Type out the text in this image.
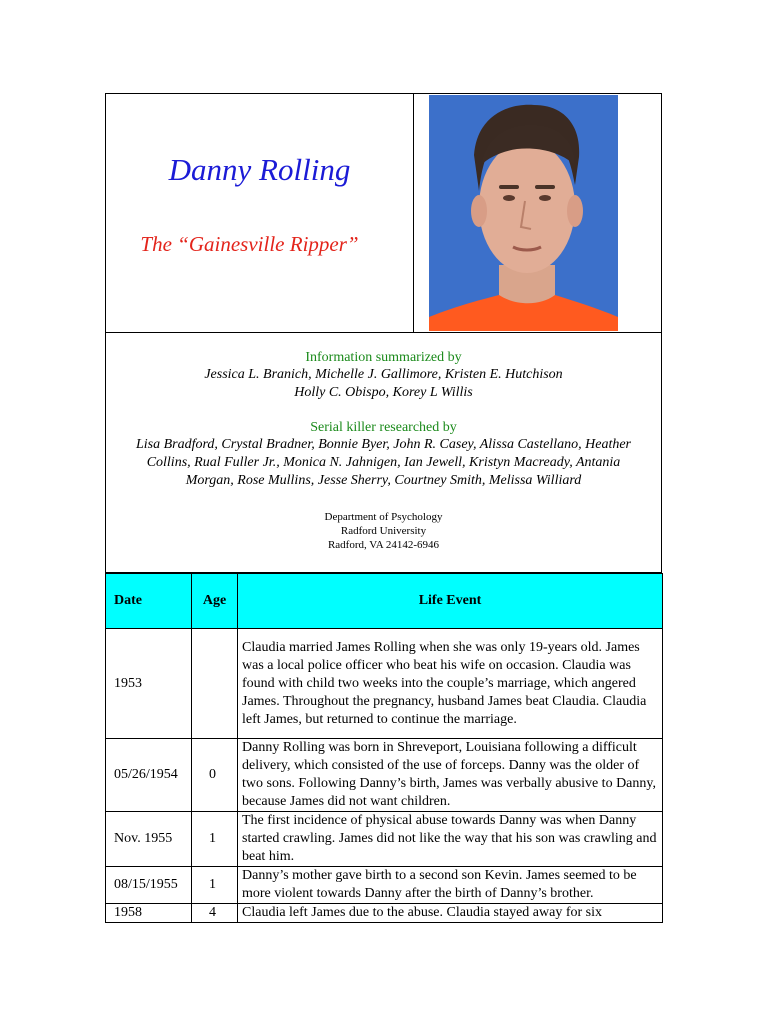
Danny Rolling
The “Gainesville Ripper”
Information summarized by
Jessica L. Branich, Michelle J. Gallimore, Kristen E. Hutchison
Holly C. Obispo, Korey L Willis
Serial killer researched by
Lisa Bradford, Crystal Bradner, Bonnie Byer, John R. Casey, Alissa Castellano, Heather
Collins, Rual Fuller Jr., Monica N. Jahnigen, Ian Jewell, Kristyn Macready, Antania
Morgan, Rose Mullins, Jesse Sherry, Courtney Smith, Melissa Williard
Department of Psychology
Radford University
Radford, VA 24142-6946
Date	Age	Life Event
1953		Claudia married James Rolling when she was only 19-years old. James was a local police officer who beat his wife on occasion. Claudia was found with child two weeks into the couple’s marriage, which angered James. Throughout the pregnancy, husband James beat Claudia. Claudia left James, but returned to continue the marriage.
05/26/1954	0	Danny Rolling was born in Shreveport, Louisiana following a difficult delivery, which consisted of the use of forceps. Danny was the older of two sons. Following Danny’s birth, James was verbally abusive to Danny, because James did not want children.
Nov. 1955	1	The first incidence of physical abuse towards Danny was when Danny started crawling. James did not like the way that his son was crawling and beat him.
08/15/1955	1	Danny’s mother gave birth to a second son Kevin. James seemed to be more violent towards Danny after the birth of Danny’s brother.
1958	4	Claudia left James due to the abuse. Claudia stayed away for six
